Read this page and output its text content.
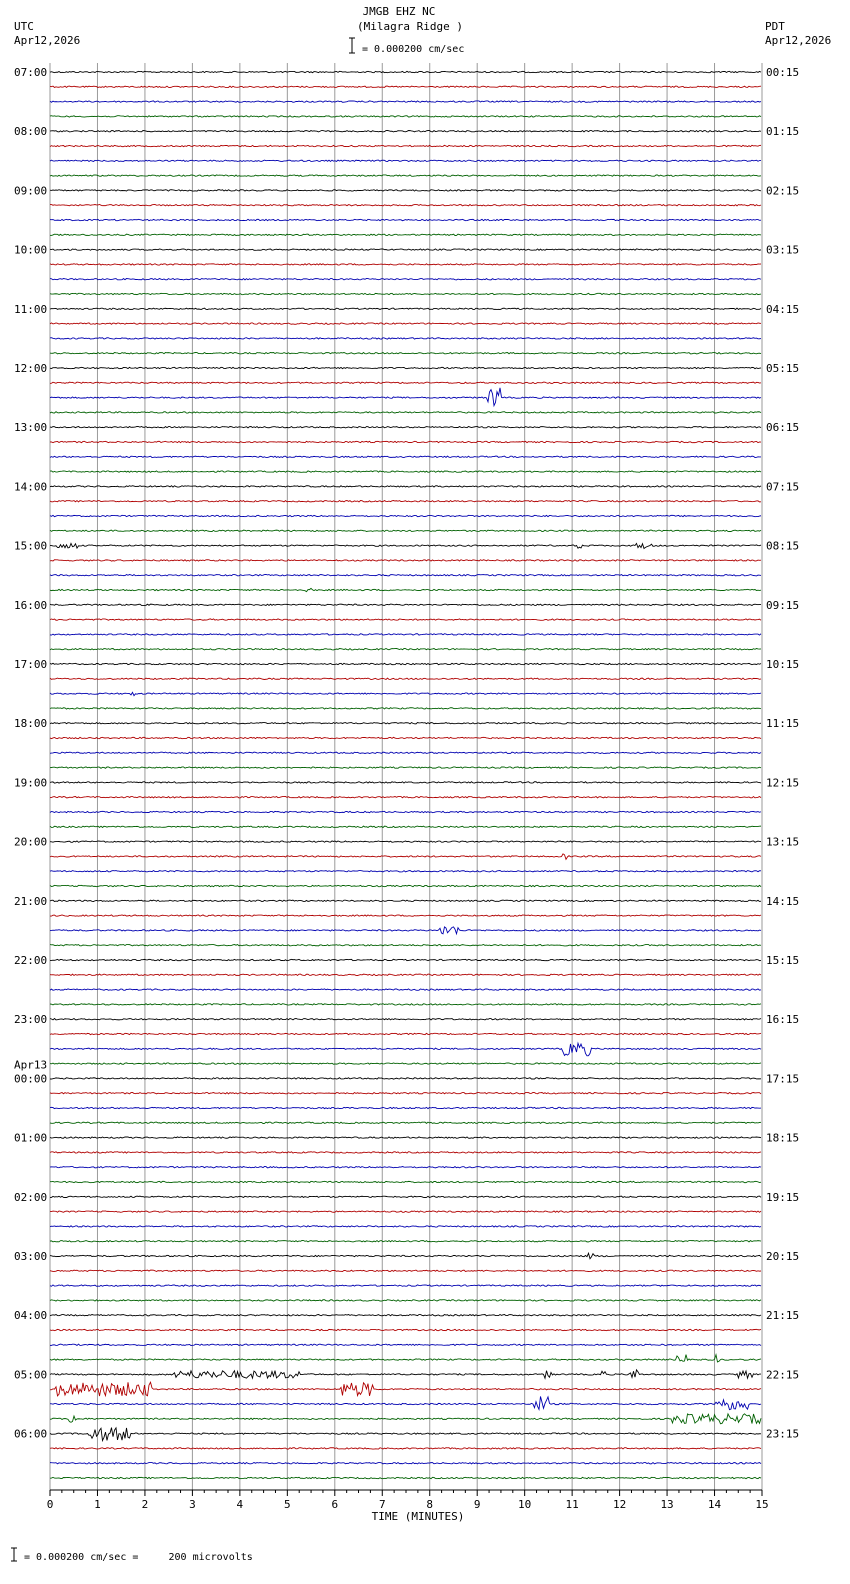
JMGB EHZ NC
(Milagra Ridge )
= 0.000200 cm/sec
UTC
Apr12,2026
PDT
Apr12,2026
07:00
08:00
09:00
10:00
11:00
12:00
13:00
14:00
15:00
16:00
17:00
18:00
19:00
20:00
21:00
22:00
23:00
00:00
Apr13
01:00
02:00
03:00
04:00
05:00
06:00
00:15
01:15
02:15
03:15
04:15
05:15
06:15
07:15
08:15
09:15
10:15
11:15
12:15
13:15
14:15
15:15
16:15
17:15
18:15
19:15
20:15
21:15
22:15
23:15
0	1	2	3	4	5	6	7	8	9	10	11	12	13	14	15
TIME (MINUTES)
= 0.000200 cm/sec =     200 microvolts
